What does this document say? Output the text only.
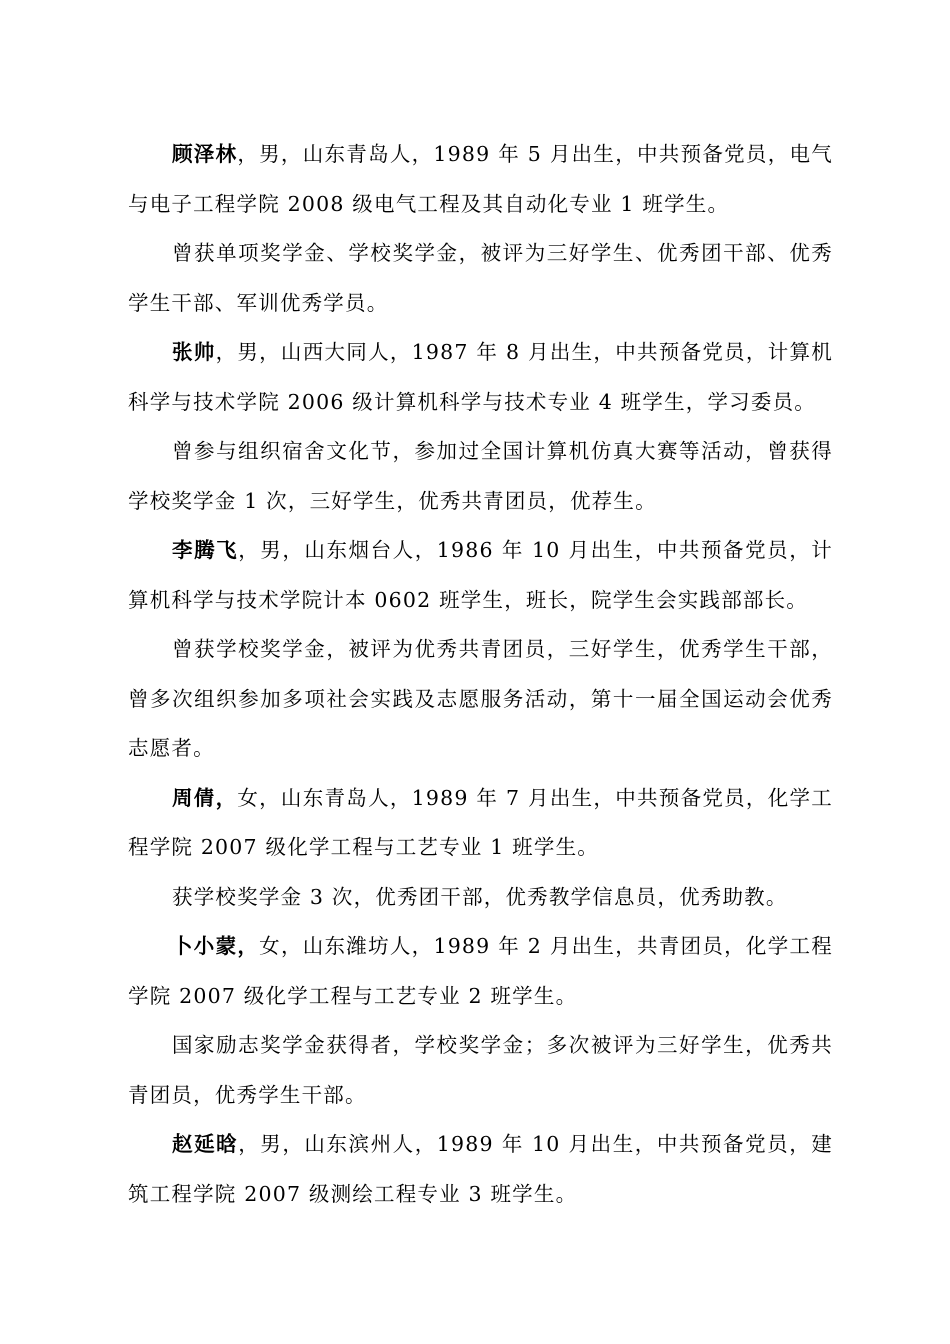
顾泽林，男，山东青岛人，1989 年 5 月出生，中共预备党员，电气与电子工程学院 2008 级电气工程及其自动化专业 1 班学生。

曾获单项奖学金、学校奖学金，被评为三好学生、优秀团干部、优秀学生干部、军训优秀学员。

张帅，男，山西大同人，1987 年 8 月出生，中共预备党员，计算机科学与技术学院 2006 级计算机科学与技术专业 4 班学生，学习委员。

曾参与组织宿舍文化节，参加过全国计算机仿真大赛等活动，曾获得学校奖学金 1 次，三好学生，优秀共青团员，优荐生。

李腾飞，男，山东烟台人，1986 年 10 月出生，中共预备党员，计算机科学与技术学院计本 0602 班学生，班长，院学生会实践部部长。

曾获学校奖学金，被评为优秀共青团员，三好学生，优秀学生干部，曾多次组织参加多项社会实践及志愿服务活动，第十一届全国运动会优秀志愿者。

周倩，女，山东青岛人，1989 年 7 月出生，中共预备党员，化学工程学院 2007 级化学工程与工艺专业 1 班学生。

获学校奖学金 3 次，优秀团干部，优秀教学信息员，优秀助教。

卜小蒙，女，山东潍坊人，1989 年 2 月出生，共青团员，化学工程学院 2007 级化学工程与工艺专业 2 班学生。

国家励志奖学金获得者，学校奖学金；多次被评为三好学生，优秀共青团员，优秀学生干部。

赵延晗，男，山东滨州人，1989 年 10 月出生，中共预备党员，建筑工程学院 2007 级测绘工程专业 3 班学生。
